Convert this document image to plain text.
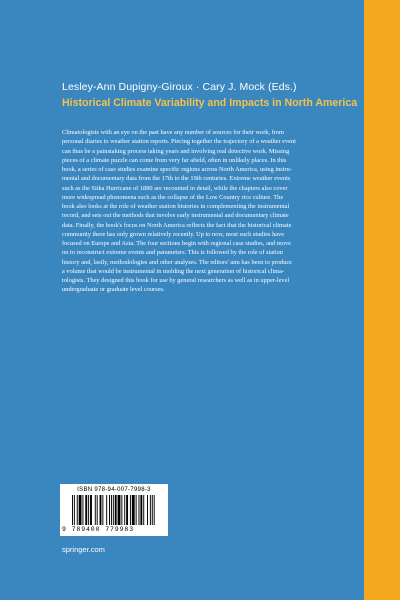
Lesley-Ann Dupigny-Giroux · Cary J. Mock (Eds.)
Historical Climate Variability and Impacts in North America

Climatologists with an eye on the past have any number of sources for their work, from
personal diaries to weather station reports. Piecing together the trajectory of a weather event
can thus be a painstaking process taking years and involving real detective work. Missing
pieces of a climate puzzle can come from very far afield, often in unlikely places. In this
book, a series of case studies examine specific regions across North America, using instru-
mental and documentary data from the 17th to the 19th centuries. Extreme weather events
such as the Sitka Hurricane of 1880 are recounted in detail, while the chapters also cover
more widespread phenomena such as the collapse of the Low Country rice culture. The
book also looks at the role of weather station histories in complementing the instrumental
record, and sets out the methods that involve early instrumental and documentary climate
data. Finally, the book's focus on North America reflects the fact that the historical climate
community there has only grown relatively recently. Up to now, most such studies have
focused on Europe and Asia. The four sections begin with regional case studies, and move
on to reconstruct extreme events and parameters. This is followed by the role of station
history and, lastly, methodologies and other analyses. The editors' aim has been to produce
a volume that would be instrumental in molding the next generation of historical clima-
tologists. They designed this book for use by general researchers as well as in upper-level
undergraduate or graduate level courses.

ISBN 978-94-007-7998-3
9 789400 779983
springer.com
